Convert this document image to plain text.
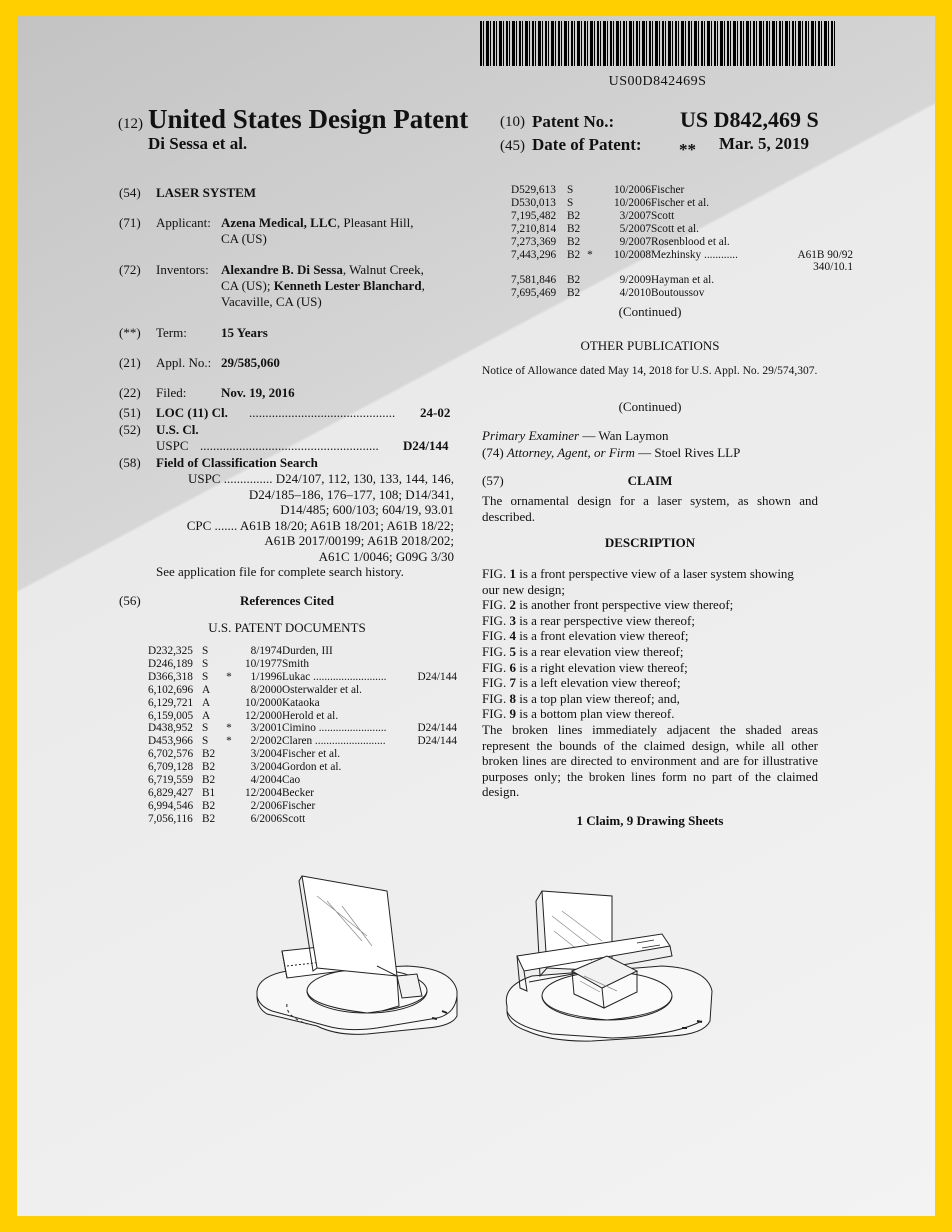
US00D842469S
(12) United States Design Patent
Di Sessa et al.
(10) Patent No.:	US D842,469 S
(45) Date of Patent: ** Mar. 5, 2019
(54) LASER SYSTEM
(71) Applicant: Azena Medical, LLC, Pleasant Hill,
CA (US)
(72) Inventors: Alexandre B. Di Sessa, Walnut Creek,
CA (US); Kenneth Lester Blanchard,
Vacaville, CA (US)
(**) Term:	15 Years
(21) Appl. No.: 29/585,060
(22) Filed:	Nov. 19, 2016
(51) LOC (11) Cl. ............................................. 24-02
(52) U.S. Cl.
USPC ....................................................... D24/144
(58) Field of Classification Search
USPC ............... D24/107, 112, 130, 133, 144, 146,
D24/185–186, 176–177, 108; D14/341,
D14/485; 600/103; 604/19, 93.01
CPC ....... A61B 18/20; A61B 18/201; A61B 18/22;
A61B 2017/00199; A61B 2018/202;
A61C 1/0046; G09G 3/30
See application file for complete search history.
(56)	References Cited
U.S. PATENT DOCUMENTS
D232,325	S		8/1974	Durden, III	
D246,189	S		10/1977	Smith	
D366,318	S	*	1/1996	Lukac ..........................	D24/144
6,102,696	A		8/2000	Osterwalder et al.	
6,129,721	A		10/2000	Kataoka	
6,159,005	A		12/2000	Herold et al.	
D438,952	S	*	3/2001	Cimino ........................	D24/144
D453,966	S	*	2/2002	Claren .........................	D24/144
6,702,576	B2		3/2004	Fischer et al.	
6,709,128	B2		3/2004	Gordon et al.	
6,719,559	B2		4/2004	Cao	
6,829,427	B1		12/2004	Becker	
6,994,546	B2		2/2006	Fischer	
7,056,116	B2		6/2006	Scott	
D529,613	S		10/2006	Fischer	
D530,013	S		10/2006	Fischer et al.	
7,195,482	B2		3/2007	Scott	
7,210,814	B2		5/2007	Scott et al.	
7,273,369	B2		9/2007	Rosenblood et al.	
7,443,296	B2	*	10/2008	Mezhinsky ............	A61B 90/92
					340/10.1
7,581,846	B2		9/2009	Hayman et al.	
7,695,469	B2		4/2010	Boutoussov	
(Continued)
OTHER PUBLICATIONS
Notice of Allowance dated May 14, 2018 for U.S. Appl. No. 29/574,307.
(Continued)
Primary Examiner — Wan Laymon
(74) Attorney, Agent, or Firm — Stoel Rives LLP
(57)	CLAIM
The ornamental design for a laser system, as shown and described.
DESCRIPTION
FIG. 1 is a front perspective view of a laser system showing
our new design;
FIG. 2 is another front perspective view thereof;
FIG. 3 is a rear perspective view thereof;
FIG. 4 is a front elevation view thereof;
FIG. 5 is a rear elevation view thereof;
FIG. 6 is a right elevation view thereof;
FIG. 7 is a left elevation view thereof;
FIG. 8 is a top plan view thereof; and,
FIG. 9 is a bottom plan view thereof.
The broken lines immediately adjacent the shaded areas represent the bounds of the claimed design, while all other broken lines are directed to environment and are for illustrative purposes only; the broken lines form no part of the claimed design.
1 Claim, 9 Drawing Sheets
